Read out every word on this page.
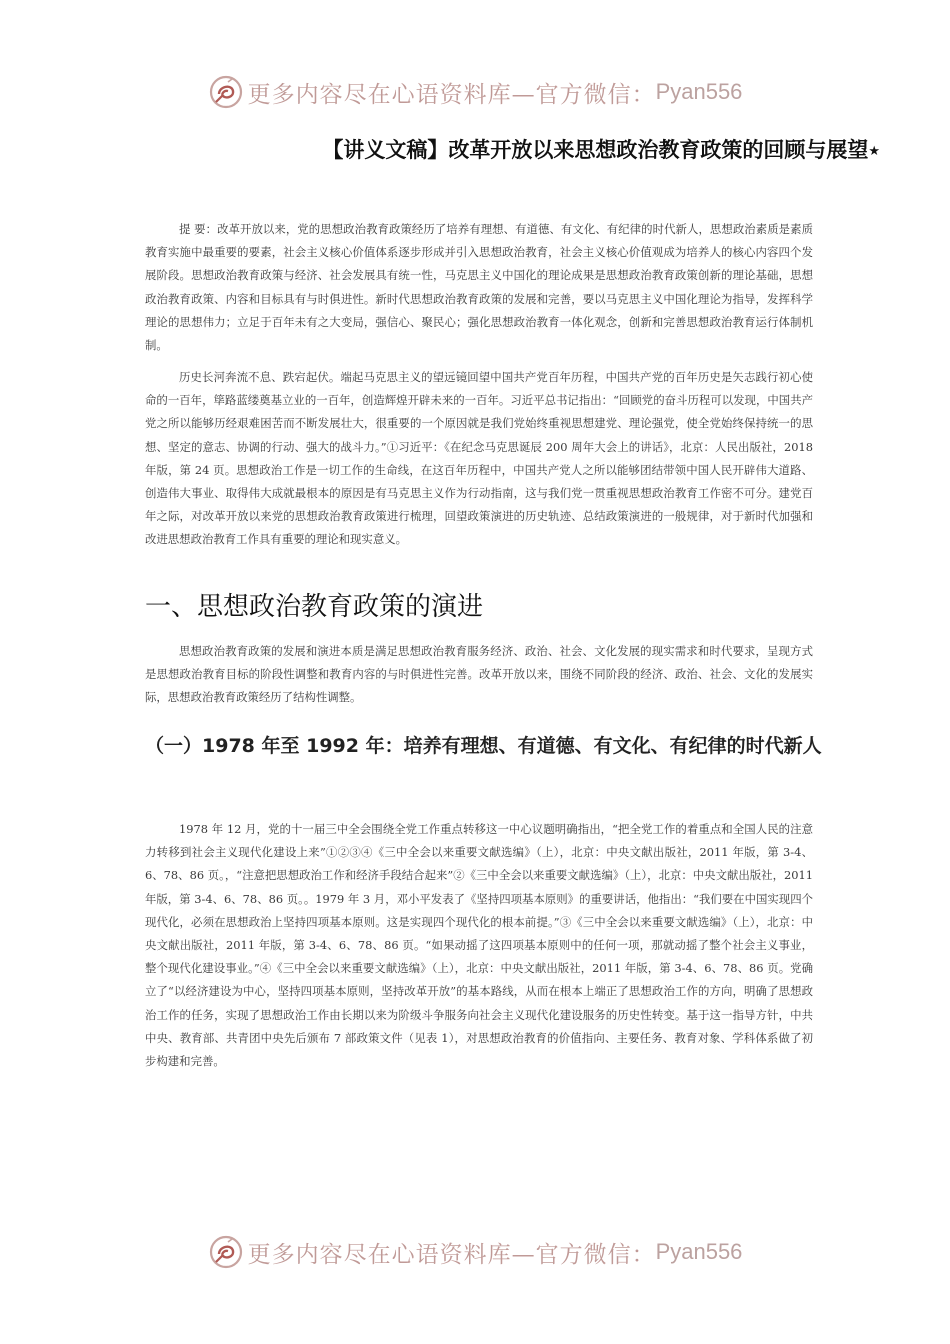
更多内容尽在心语资料库—官方微信： Pyan556
【讲义文稿】改革开放以来思想政治教育政策的回顾与展望★

提 要：改革开放以来，党的思想政治教育政策经历了培养有理想、有道德、有文化、有纪律的时代新人，思想政治素质是素质教育实施中最重要的要素，社会主义核心价值体系逐步形成并引入思想政治教育，社会主义核心价值观成为培养人的核心内容四个发展阶段。思想政治教育政策与经济、社会发展具有统一性，马克思主义中国化的理论成果是思想政治教育政策创新的理论基础，思想政治教育政策、内容和目标具有与时俱进性。新时代思想政治教育政策的发展和完善，要以马克思主义中国化理论为指导，发挥科学理论的思想伟力；立足于百年未有之大变局，强信心、聚民心；强化思想政治教育一体化观念，创新和完善思想政治教育运行体制机制。

历史长河奔流不息、跌宕起伏。端起马克思主义的望远镜回望中国共产党百年历程，中国共产党的百年历史是矢志践行初心使命的一百年，筚路蓝缕奠基立业的一百年，创造辉煌开辟未来的一百年。习近平总书记指出：“回顾党的奋斗历程可以发现，中国共产党之所以能够历经艰难困苦而不断发展壮大，很重要的一个原因就是我们党始终重视思想建党、理论强党，使全党始终保持统一的思想、坚定的意志、协调的行动、强大的战斗力。”①习近平：《在纪念马克思诞辰 200 周年大会上的讲话》，北京：人民出版社，2018 年版，第 24 页。思想政治工作是一切工作的生命线，在这百年历程中，中国共产党人之所以能够团结带领中国人民开辟伟大道路、创造伟大事业、取得伟大成就最根本的原因是有马克思主义作为行动指南，这与我们党一贯重视思想政治教育工作密不可分。建党百年之际，对改革开放以来党的思想政治教育政策进行梳理，回望政策演进的历史轨迹、总结政策演进的一般规律，对于新时代加强和改进思想政治教育工作具有重要的理论和现实意义。

一、思想政治教育政策的演进

思想政治教育政策的发展和演进本质是满足思想政治教育服务经济、政治、社会、文化发展的现实需求和时代要求，呈现方式是思想政治教育目标的阶段性调整和教育内容的与时俱进性完善。改革开放以来，围绕不同阶段的经济、政治、社会、文化的发展实际，思想政治教育政策经历了结构性调整。

（一）1978 年至 1992 年：培养有理想、有道德、有文化、有纪律的时代新人

1978 年 12 月，党的十一届三中全会围绕全党工作重点转移这一中心议题明确指出，“把全党工作的着重点和全国人民的注意力转移到社会主义现代化建设上来”①②③④《三中全会以来重要文献选编》（上），北京：中央文献出版社，2011 年版，第 3-4、6、78、86 页。，“注意把思想政治工作和经济手段结合起来”②《三中全会以来重要文献选编》（上），北京：中央文献出版社，2011 年版，第 3-4、6、78、86 页。。1979 年 3 月，邓小平发表了《坚持四项基本原则》的重要讲话，他指出：“我们要在中国实现四个现代化，必须在思想政治上坚持四项基本原则。这是实现四个现代化的根本前提。”③《三中全会以来重要文献选编》（上），北京：中央文献出版社，2011 年版，第 3-4、6、78、86 页。“如果动摇了这四项基本原则中的任何一项，那就动摇了整个社会主义事业，整个现代化建设事业。”④《三中全会以来重要文献选编》（上），北京：中央文献出版社，2011 年版，第 3-4、6、78、86 页。党确立了“以经济建设为中心，坚持四项基本原则，坚持改革开放”的基本路线，从而在根本上端正了思想政治工作的方向，明确了思想政治工作的任务，实现了思想政治工作由长期以来为阶级斗争服务向社会主义现代化建设服务的历史性转变。基于这一指导方针，中共中央、教育部、共青团中央先后颁布 7 部政策文件（见表 1），对思想政治教育的价值指向、主要任务、教育对象、学科体系做了初步构建和完善。

更多内容尽在心语资料库—官方微信： Pyan556
